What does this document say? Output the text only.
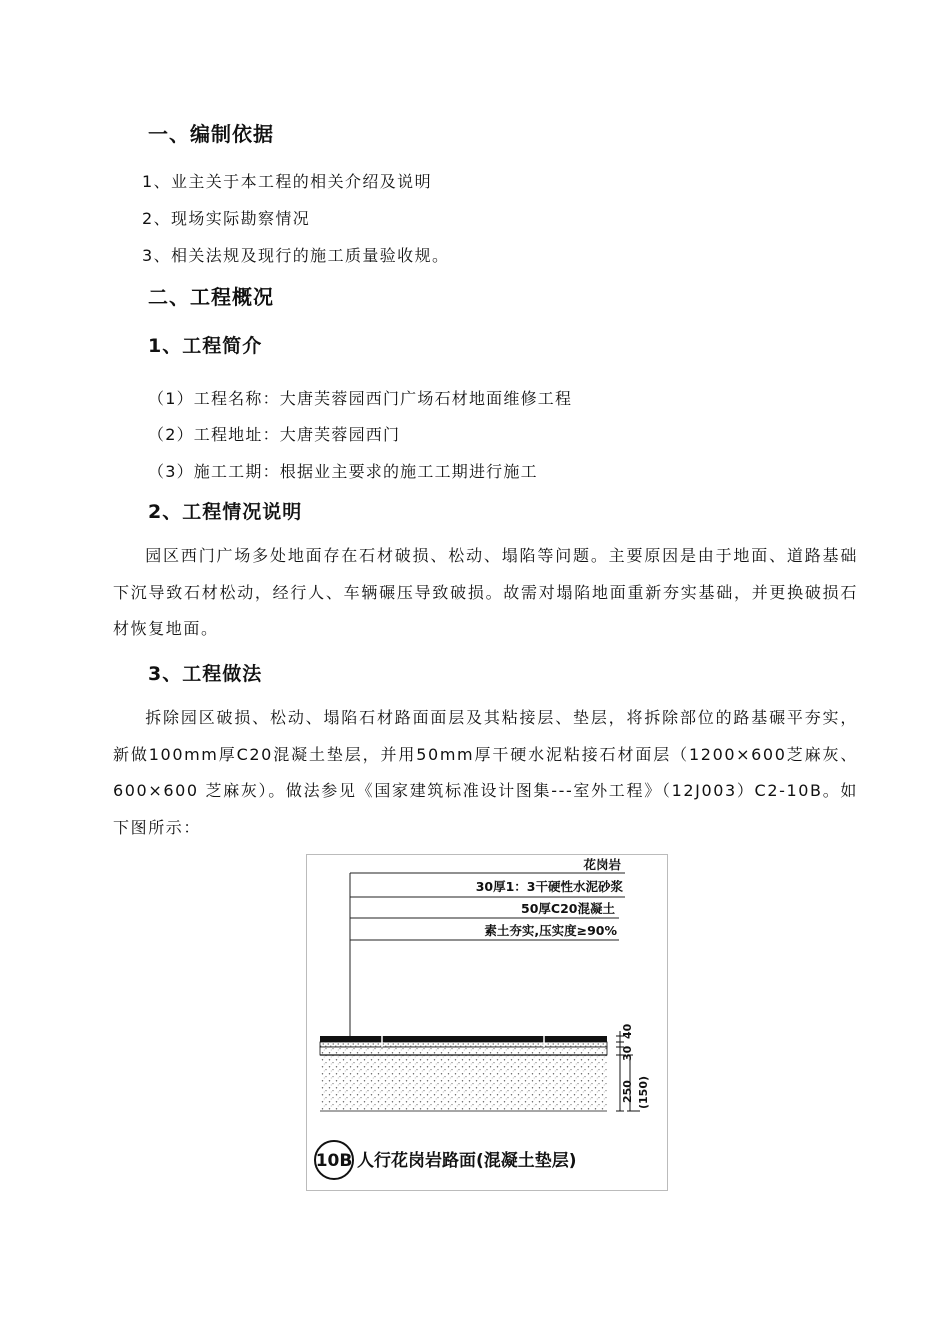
一、编制依据
1、业主关于本工程的相关介绍及说明
2、现场实际勘察情况
3、相关法规及现行的施工质量验收规。
二、工程概况
1、工程简介
（1）工程名称：大唐芙蓉园西门广场石材地面维修工程
（2）工程地址：大唐芙蓉园西门
（3）施工工期：根据业主要求的施工工期进行施工
2、工程情况说明
园区西门广场多处地面存在石材破损、松动、塌陷等问题。主要原因是由于地面、道路基础下沉导致石材松动，经行人、车辆碾压导致破损。故需对塌陷地面重新夯实基础，并更换破损石材恢复地面。
3、工程做法
拆除园区破损、松动、塌陷石材路面面层及其粘接层、垫层，将拆除部位的路基碾平夯实，新做100mm厚C20混凝土垫层，并用50mm厚干硬水泥粘接石材面层（1200×600芝麻灰、600×600 芝麻灰）。做法参见《国家建筑标准设计图集---室外工程》（12J003）C2-10B。如下图所示：
花岗岩
30厚1：3干硬性水泥砂浆
50厚C20混凝土
素土夯实,压实度≥90%
40
30
250 (150)
10B 人行花岗岩路面(混凝土垫层)
